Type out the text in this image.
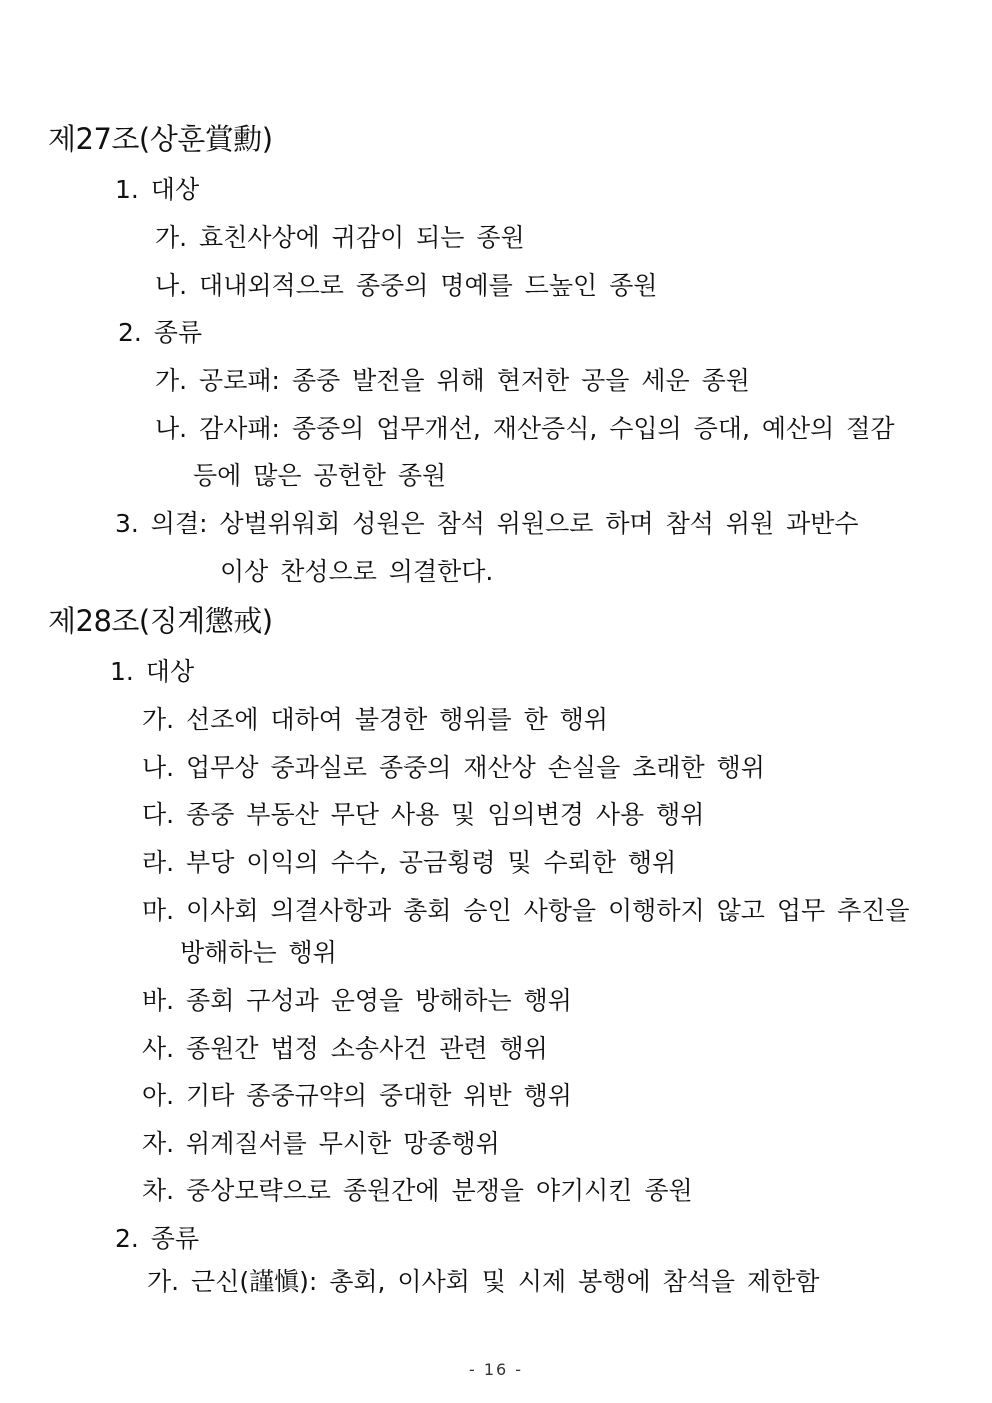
제27조(상훈賞勳)
1. 대상
가. 효친사상에 귀감이 되는 종원
나. 대내외적으로 종중의 명예를 드높인 종원
2. 종류
가. 공로패: 종중 발전을 위해 현저한 공을 세운 종원
나. 감사패: 종중의 업무개선, 재산증식, 수입의 증대, 예산의 절감
등에 많은 공헌한 종원
3. 의결: 상벌위워회 성원은 참석 위원으로 하며 참석 위원 과반수
이상 찬성으로 의결한다.
제28조(징계懲戒)
1. 대상
가. 선조에 대하여 불경한 행위를 한 행위
나. 업무상 중과실로 종중의 재산상 손실을 초래한 행위
다. 종중 부동산 무단 사용 및 임의변경 사용 행위
라. 부당 이익의 수수, 공금횡령 및 수뢰한 행위
마. 이사회 의결사항과 총회 승인 사항을 이행하지 않고 업무 추진을
방해하는 행위
바. 종회 구성과 운영을 방해하는 행위
사. 종원간 법정 소송사건 관련 행위
아. 기타 종중규약의 중대한 위반 행위
자. 위계질서를 무시한 망종행위
차. 중상모략으로 종원간에 분쟁을 야기시킨 종원
2. 종류
가. 근신(謹愼): 총회, 이사회 및 시제 봉행에 참석을 제한함
- 16 -
